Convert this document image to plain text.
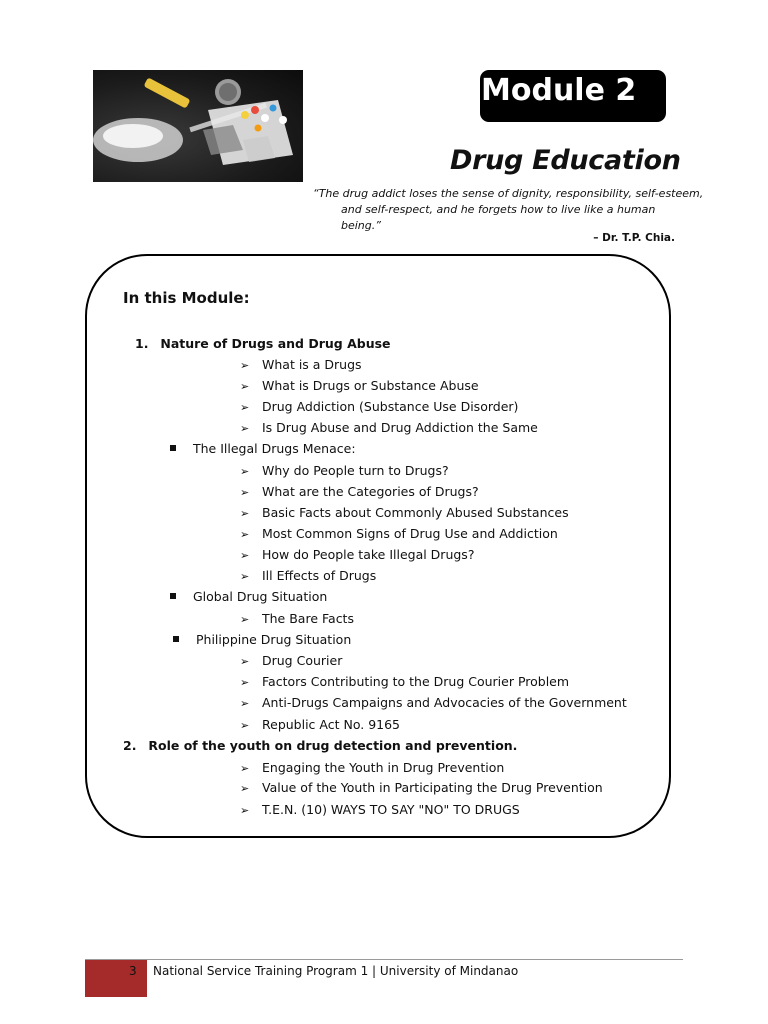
Module 2
Drug Education
“The drug addict loses the sense of dignity, responsibility, self-esteem,
and self-respect, and he forgets how to live like a human
being.”
– Dr. T.P. Chia.
In this Module:
1. Nature of Drugs and Drug Abuse
➢ What is a Drugs
➢ What is Drugs or Substance Abuse
➢ Drug Addiction (Substance Use Disorder)
➢ Is Drug Abuse and Drug Addiction the Same
The Illegal Drugs Menace:
➢ Why do People turn to Drugs?
➢ What are the Categories of Drugs?
➢ Basic Facts about Commonly Abused Substances
➢ Most Common Signs of Drug Use and Addiction
➢ How do People take Illegal Drugs?
➢ Ill Effects of Drugs
Global Drug Situation
➢ The Bare Facts
Philippine Drug Situation
➢ Drug Courier
➢ Factors Contributing to the Drug Courier Problem
➢ Anti-Drugs Campaigns and Advocacies of the Government
➢ Republic Act No. 9165
2. Role of the youth on drug detection and prevention.
➢ Engaging the Youth in Drug Prevention
➢ Value of the Youth in Participating the Drug Prevention
➢ T.E.N. (10) WAYS TO SAY "NO" TO DRUGS
3 National Service Training Program 1 | University of Mindanao
